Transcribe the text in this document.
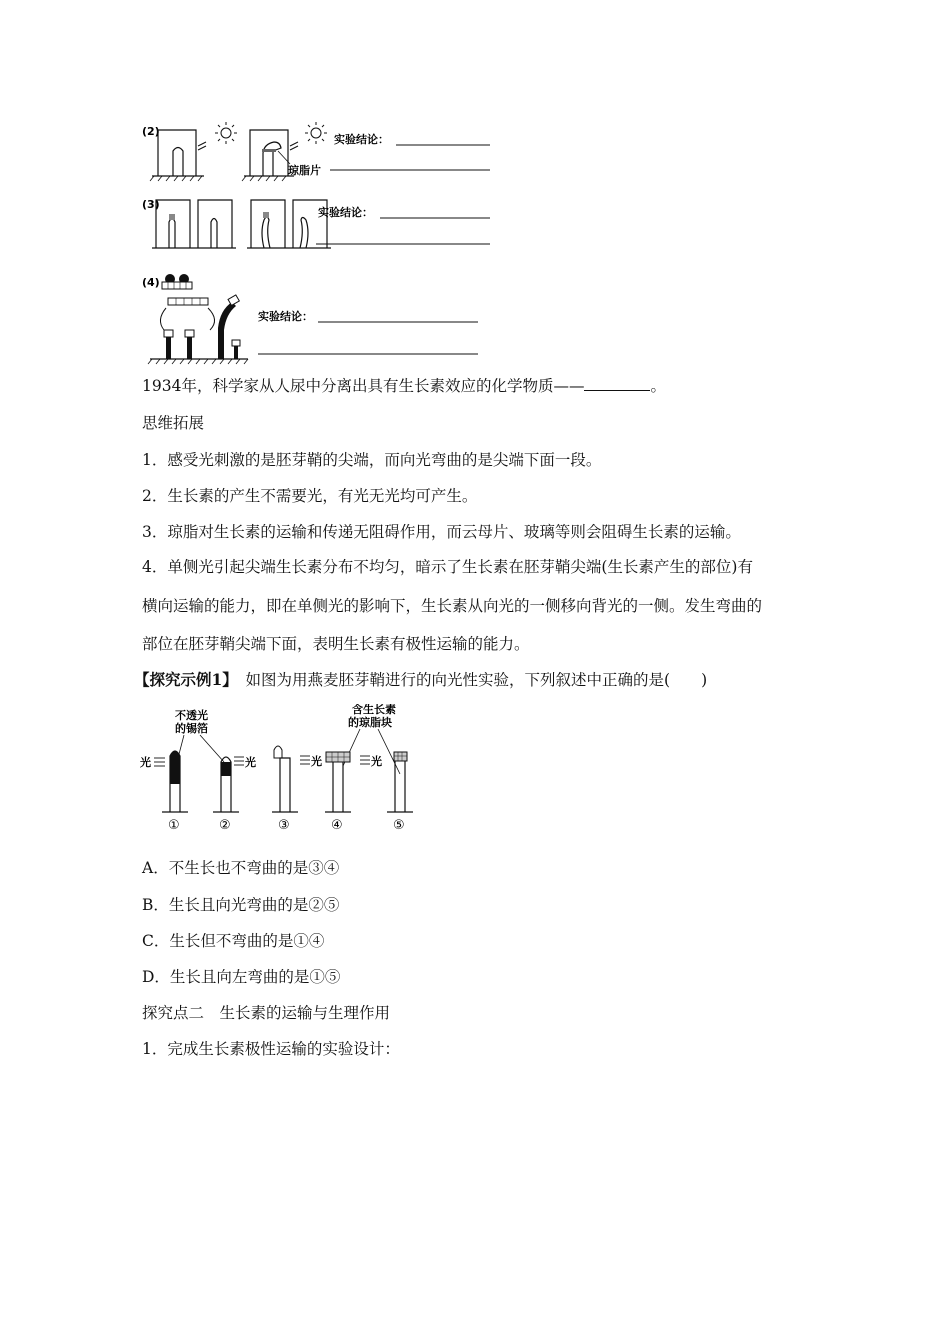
(2)
琼脂片
实验结论：
(3)
实验结论：
(4)
实验结论：
1934年，科学家从人尿中分离出具有生长素效应的化学物质——	。
思维拓展
1．感受光刺激的是胚芽鞘的尖端，而向光弯曲的是尖端下面一段。
2．生长素的产生不需要光，有光无光均可产生。
3．琼脂对生长素的运输和传递无阻碍作用，而云母片、玻璃等则会阻碍生长素的运输。
4．单侧光引起尖端生长素分布不均匀，暗示了生长素在胚芽鞘尖端(生长素产生的部位)有
横向运输的能力，即在单侧光的影响下，生长素从向光的一侧移向背光的一侧。发生弯曲的
部位在胚芽鞘尖端下面，表明生长素有极性运输的能力。
【探究示例1】  如图为用燕麦胚芽鞘进行的向光性实验，下列叙述中正确的是(　　)
不透光
的锡箔
含生长素
的琼脂块
光	光	光	光
①	②	③	④	⑤
A．不生长也不弯曲的是③④
B．生长且向光弯曲的是②⑤
C．生长但不弯曲的是①④
D．生长且向左弯曲的是①⑤
探究点二　生长素的运输与生理作用
1．完成生长素极性运输的实验设计：
